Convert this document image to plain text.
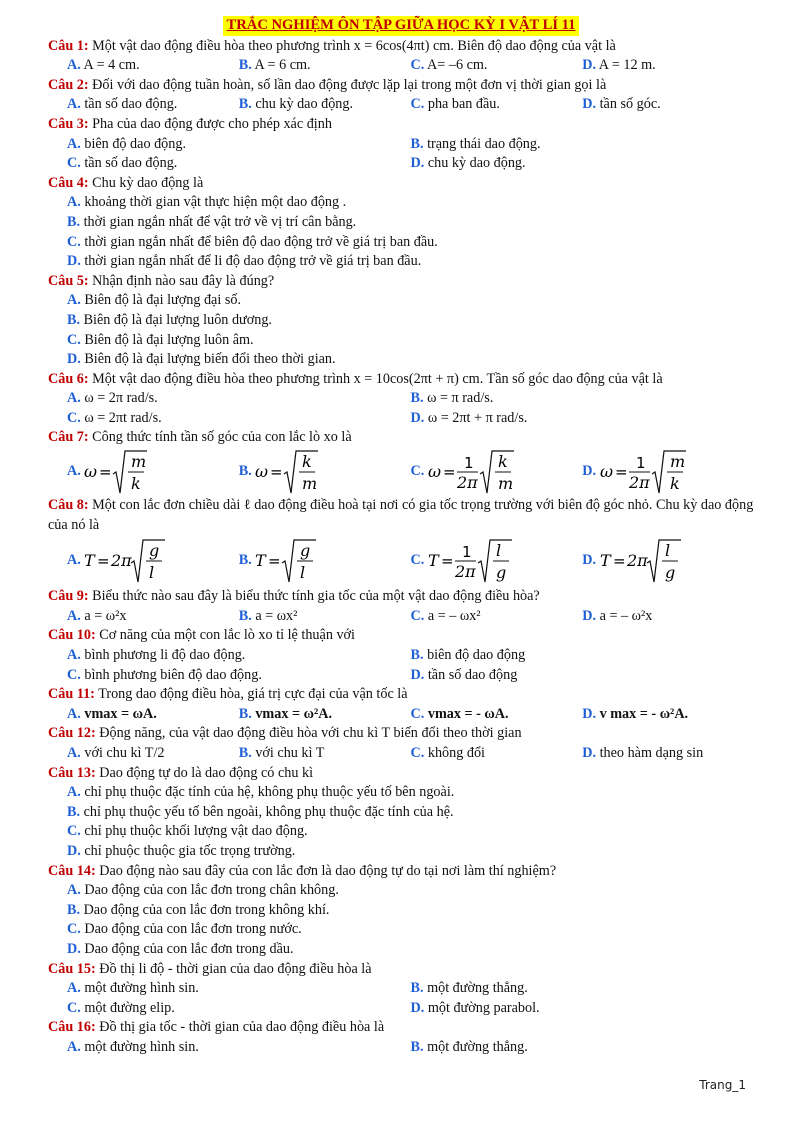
TRẮC NGHIỆM ÔN TẬP GIỮA HỌC KỲ I VẬT LÍ 11
Câu 1: Một vật dao động điều hòa theo phương trình x = 6cos(4πt) cm. Biên độ dao động của vật là
A. A = 4 cm.	B. A = 6 cm.	C. A= –6 cm.	D. A = 12 m.
Câu 2: Đối với dao động tuần hoàn, số lần dao động được lặp lại trong một đơn vị thời gian gọi là
A. tần số dao động.	B. chu kỳ dao động.	C. pha ban đầu.	D. tần số góc.
Câu 3: Pha của dao động được cho phép xác định
A. biên độ dao động.	B. trạng thái dao động.
C. tần số dao động.	D. chu kỳ dao động.
Câu 4: Chu kỳ dao động là
A. khoảng thời gian vật thực hiện một dao động .
B. thời gian ngắn nhất để vật trở về vị trí cân bằng.
C. thời gian ngắn nhất để biên độ dao động trở về giá trị ban đầu.
D. thời gian ngắn nhất để li độ dao động trở về giá trị ban đầu.
Câu 5: Nhận định nào sau đây là đúng?
A. Biên độ là đại lượng đại số.
B. Biên độ là đại lượng luôn dương.
C. Biên độ là đại lượng luôn âm.
D. Biên độ là đại lượng biến đổi theo thời gian.
Câu 6: Một vật dao động điều hòa theo phương trình x = 10cos(2πt + π) cm. Tần số góc dao động của vật là
A. ω = 2π rad/s.	B. ω = π rad/s.
C. ω = 2πt rad/s.	D. ω = 2πt + π rad/s.
Câu 7: Công thức tính tần số góc của con lắc lò xo là
A.
ω =
m
k
B.
ω =
k
m
C.
ω = 1
2π
k
m
D.
ω = 1
2π
m
k
Câu 8: Một con lắc đơn chiều dài ℓ dao động điều hoà tại nơi có gia tốc trọng trường với biên độ góc nhỏ. Chu kỳ dao động của nó là
A.
T = 2π
g
l
B.
T =
g
l
C.
T = 1
2π
l
g
D.
T = 2π
l
g
Câu 9: Biểu thức nào sau đây là biểu thức tính gia tốc của một vật dao động điều hòa?
A. a = ω²x	B. a = ωx²	C. a = – ωx²	D. a = – ω²x
Câu 10: Cơ năng của một con lắc lò xo tỉ lệ thuận với
A. bình phương li độ dao động.	B. biên độ dao động
C. bình phương biên độ dao động.	D. tần số dao động
Câu 11: Trong dao động điều hòa, giá trị cực đại của vận tốc là
A. vmax = ωA.	B. vmax = ω²A.	C. vmax = - ωA.	D. v max = - ω²A.
Câu 12: Động năng, của vật dao động điều hòa với chu kì T biến đổi theo thời gian
A. với chu kì T/2	B. với chu kì T	C. không đổi	D. theo hàm dạng sin
Câu 13: Dao động tự do là dao động có chu kì
A. chỉ phụ thuộc đặc tính của hệ, không phụ thuộc yếu tố bên ngoài.
B. chỉ phụ thuộc yếu tố bên ngoài, không phụ thuộc đặc tính của hệ.
C. chỉ phụ thuộc khối lượng vật dao động.
D. chỉ phuộc thuộc gia tốc trọng trường.
Câu 14: Dao động nào sau đây của con lắc đơn là dao động tự do tại nơi làm thí nghiệm?
A. Dao động của con lắc đơn trong chân không.
B. Dao động của con lắc đơn trong không khí.
C. Dao động của con lắc đơn trong nước.
D. Dao động của con lắc đơn trong dầu.
Câu 15: Đồ thị li độ - thời gian của dao động điều hòa là
A. một đường hình sin.	B. một đường thẳng.
C. một đường elip.	D. một đường parabol.
Câu 16: Đồ thị gia tốc - thời gian của dao động điều hòa là
A. một đường hình sin.	B. một đường thẳng.
Trang_1
